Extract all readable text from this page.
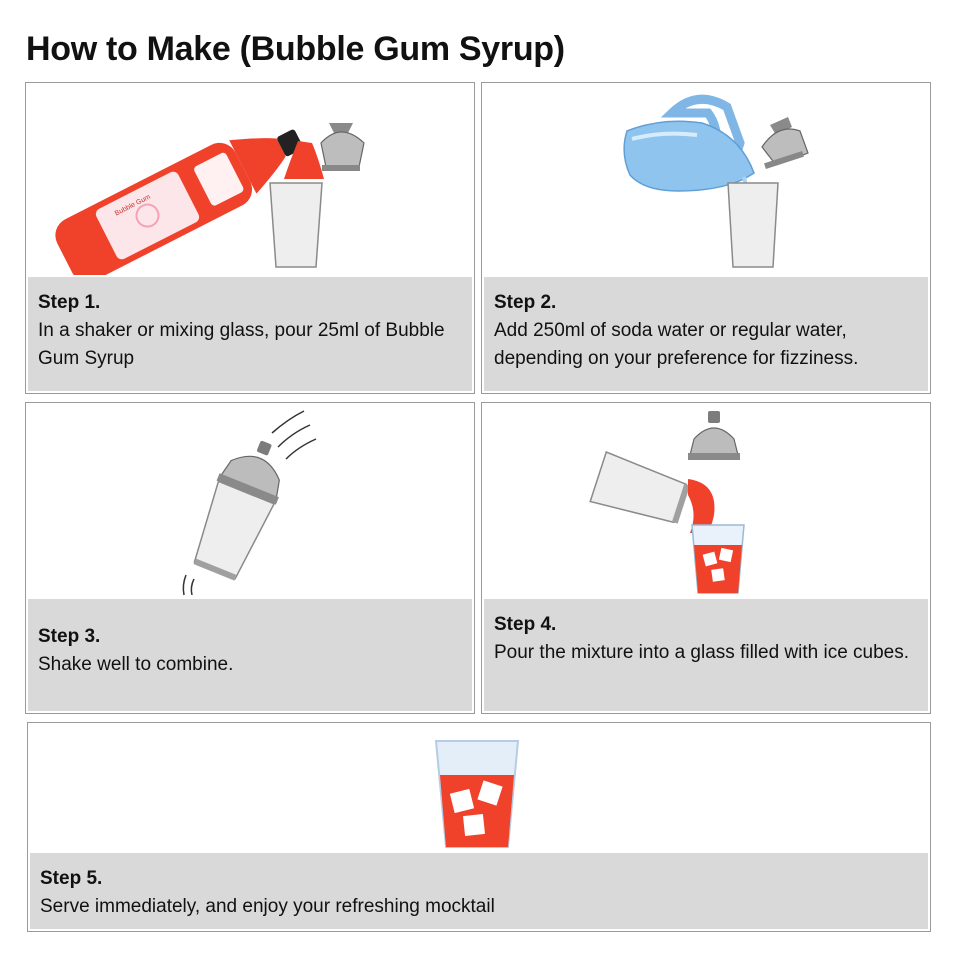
How to Make (Bubble Gum Syrup)
Bubble Gum
Step 1.
In a shaker or mixing glass, pour 25ml of Bubble Gum Syrup
Step 2.
Add 250ml of soda water or regular water, depending on your preference for fizziness.
Step 3.
Shake well to combine.
Step 4.
Pour the mixture into a glass filled with ice cubes.
Step 5.
Serve immediately, and enjoy your refreshing mocktail
